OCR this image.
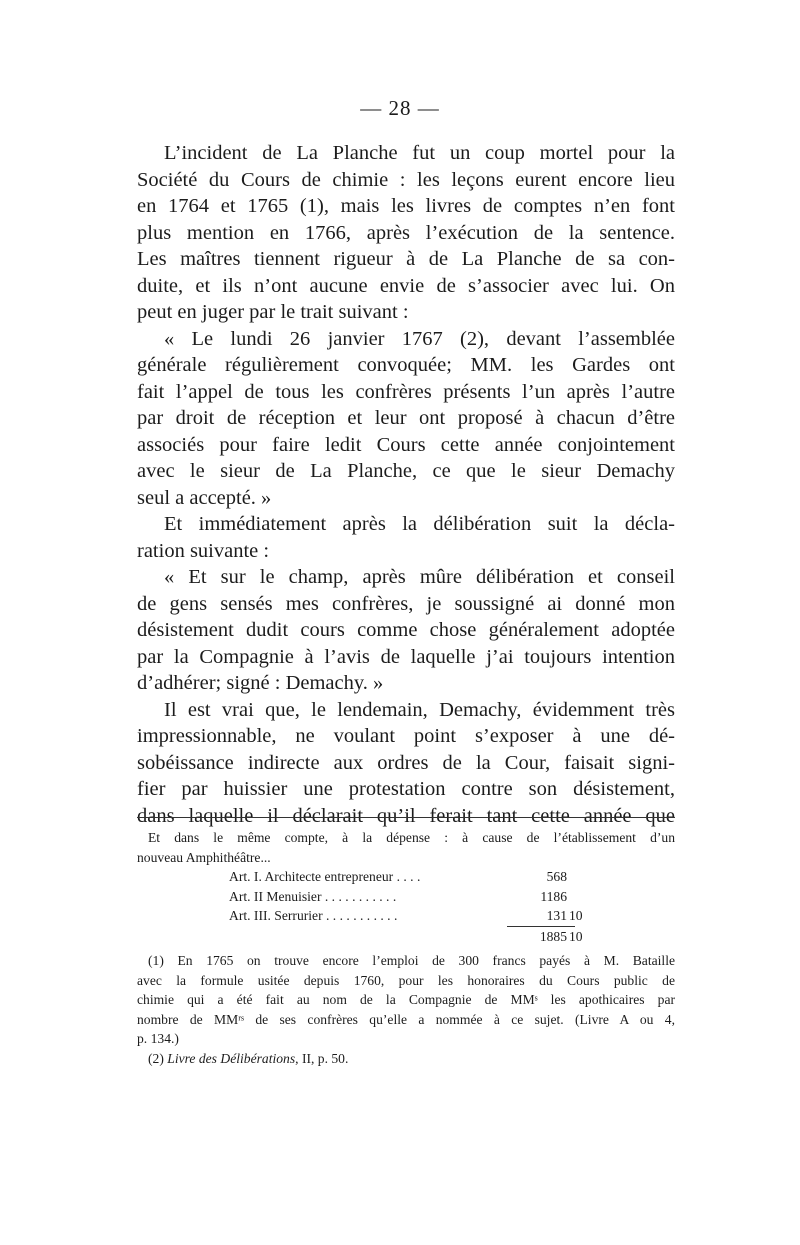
— 28 —
L’incident de La Planche fut un coup mortel pour la
Société du Cours de chimie : les leçons eurent encore lieu
en 1764 et 1765 (1), mais les livres de comptes n’en font
plus mention en 1766, après l’exécution de la sentence.
Les maîtres tiennent rigueur à de La Planche de sa con-
duite, et ils n’ont aucune envie de s’associer avec lui. On
peut en juger par le trait suivant :
« Le lundi 26 janvier 1767 (2), devant l’assemblée
générale régulièrement convoquée; MM. les Gardes ont
fait l’appel de tous les confrères présents l’un après l’autre
par droit de réception et leur ont proposé à chacun d’être
associés pour faire ledit Cours cette année conjointement
avec le sieur de La Planche, ce que le sieur Demachy
seul a accepté. »
Et immédiatement après la délibération suit la décla-
ration suivante :
« Et sur le champ, après mûre délibération et conseil
de gens sensés mes confrères, je soussigné ai donné mon
désistement dudit cours comme chose généralement adoptée
par la Compagnie à l’avis de laquelle j’ai toujours intention
d’adhérer; signé : Demachy. »
Il est vrai que, le lendemain, Demachy, évidemment très
impressionnable, ne voulant point s’exposer à une dé-
sobéissance indirecte aux ordres de la Cour, faisait signi-
fier par huissier une protestation contre son désistement,
dans laquelle il déclarait qu’il ferait tant cette année que
Et dans le même compte, à la dépense : à cause de l’établissement d’un
nouveau Amphithéâtre...
Art. I. Architecte entrepreneur . . . .	568
Art. II Menuisier . . . . . . . . . . .	1186
Art. III. Serrurier . . . . . . . . . . .	131 10
1885 10
(1) En 1765 on trouve encore l’emploi de 300 francs payés à M. Bataille
avec la formule usitée depuis 1760, pour les honoraires du Cours public de
chimie qui a été fait au nom de la Compagnie de MMˢ les apothicaires par
nombre de MMʳˢ de ses confrères qu’elle a nommée à ce sujet. (Livre A ou 4,
p. 134.)
(2) Livre des Délibérations, II, p. 50.
